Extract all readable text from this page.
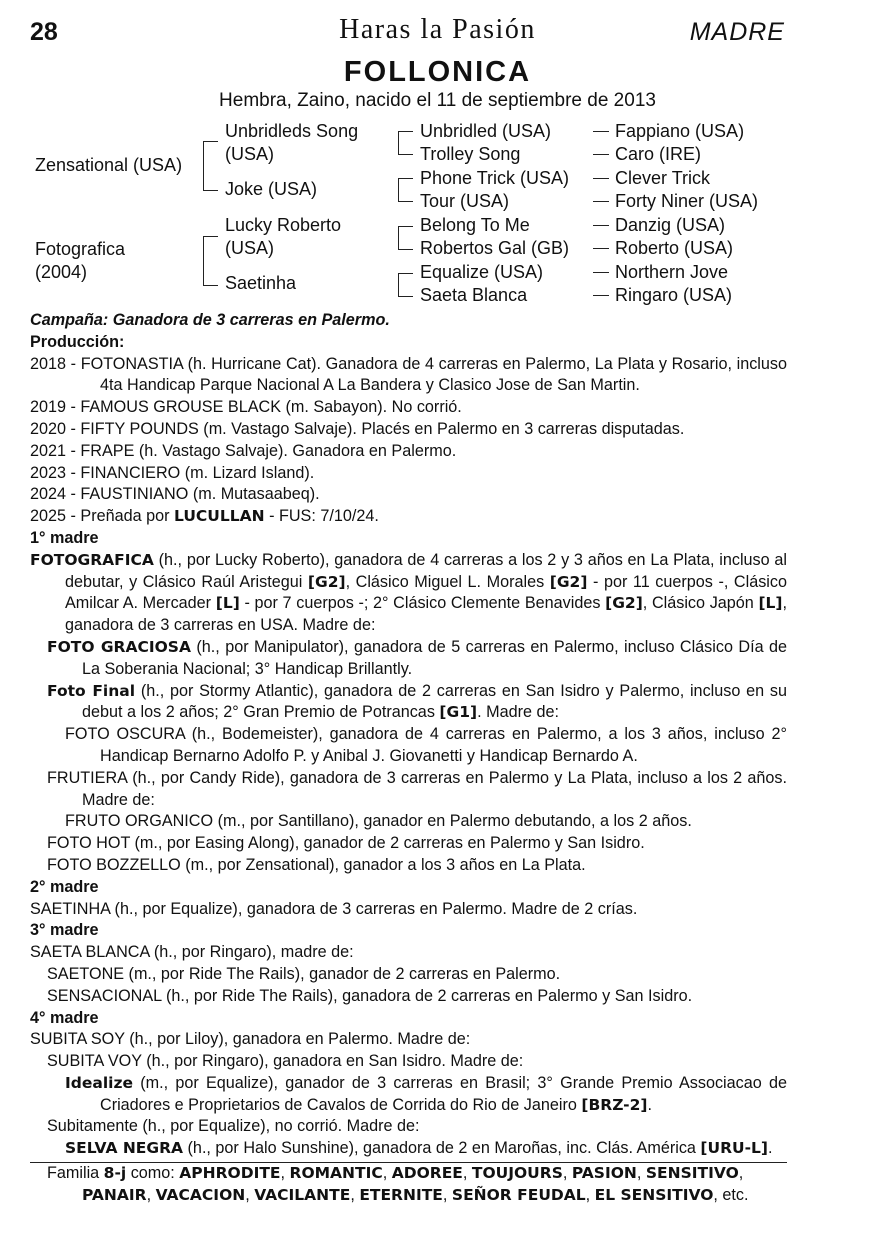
28	Haras la Pasión	MADRE
FOLLONICA
Hembra, Zaino, nacido el 11 de septiembre de 2013
Zensational (USA)
Fotografica
(2004)
Unbridleds Song
(USA)
Joke (USA)
Lucky Roberto
(USA)
Saetinha
Unbridled (USA)
Trolley Song
Phone Trick (USA)
Tour (USA)
Belong To Me
Robertos Gal (GB)
Equalize (USA)
Saeta Blanca
Fappiano (USA)
Caro (IRE)
Clever Trick
Forty Niner (USA)
Danzig (USA)
Roberto (USA)
Northern Jove
Ringaro (USA)

Campaña: Ganadora de 3 carreras en Palermo.

Producción:

2018 - FOTONASTIA (h. Hurricane Cat). Ganadora de 4 carreras en Palermo, La Plata y Rosario, incluso 4ta Handicap Parque Nacional A La Bandera y Clasico Jose de San Martin.

2019 - FAMOUS GROUSE BLACK (m. Sabayon). No corrió.

2020 - FIFTY POUNDS (m. Vastago Salvaje). Placés en Palermo en 3 carreras disputadas.

2021 - FRAPE (h. Vastago Salvaje). Ganadora en Palermo.

2023 - FINANCIERO (m. Lizard Island).

2024 - FAUSTINIANO (m. Mutasaabeq).

2025 - Preñada por LUCULLAN - FUS: 7/10/24.

1° madre

FOTOGRAFICA (h., por Lucky Roberto), ganadora de 4 carreras a los 2 y 3 años en La Plata, incluso al debutar, y Clásico Raúl Aristegui [G2], Clásico Miguel L. Morales [G2] - por 11 cuerpos -, Clásico Amilcar A. Mercader [L] - por 7 cuerpos -; 2° Clásico Clemente Benavides [G2], Clásico Japón [L], ganadora de 3 carreras en USA. Madre de:

FOTO GRACIOSA (h., por Manipulator), ganadora de 5 carreras en Palermo, incluso Clásico Día de La Soberania Nacional; 3° Handicap Brillantly.

Foto Final (h., por Stormy Atlantic), ganadora de 2 carreras en San Isidro y Palermo, incluso en su debut a los 2 años; 2° Gran Premio de Potrancas [G1]. Madre de:

FOTO OSCURA (h., Bodemeister), ganadora de 4 carreras en Palermo, a los 3 años, incluso 2° Handicap Bernarno Adolfo P. y Anibal J. Giovanetti y Handicap Bernardo A.

FRUTIERA (h., por Candy Ride), ganadora de 3 carreras en Palermo y La Plata, incluso a los 2 años. Madre de:

FRUTO ORGANICO (m., por Santillano), ganador en Palermo debutando, a los 2 años.

FOTO HOT (m., por Easing Along), ganador de 2 carreras en Palermo y San Isidro.

FOTO BOZZELLO (m., por Zensational), ganador a los 3 años en La Plata.

2° madre

SAETINHA (h., por Equalize), ganadora de 3 carreras en Palermo. Madre de 2 crías.

3° madre

SAETA BLANCA (h., por Ringaro), madre de:

SAETONE (m., por Ride The Rails), ganador de 2 carreras en Palermo.

SENSACIONAL (h., por Ride The Rails), ganadora de 2 carreras en Palermo y San Isidro.

4° madre

SUBITA SOY (h., por Liloy), ganadora en Palermo. Madre de:

SUBITA VOY (h., por Ringaro), ganadora en San Isidro. Madre de:

Idealize (m., por Equalize), ganador de 3 carreras en Brasil; 3° Grande Premio Associacao de Criadores e Proprietarios de Cavalos de Corrida do Rio de Janeiro [BRZ-2].

Subitamente (h., por Equalize), no corrió. Madre de:

SELVA NEGRA (h., por Halo Sunshine), ganadora de 2 en Maroñas, inc. Clás. América [URU-L].

Familia 8-j como: APHRODITE, ROMANTIC, ADOREE, TOUJOURS, PASION, SENSITIVO, PANAIR, VACACION, VACILANTE, ETERNITE, SEÑOR FEUDAL, EL SENSITIVO, etc.
